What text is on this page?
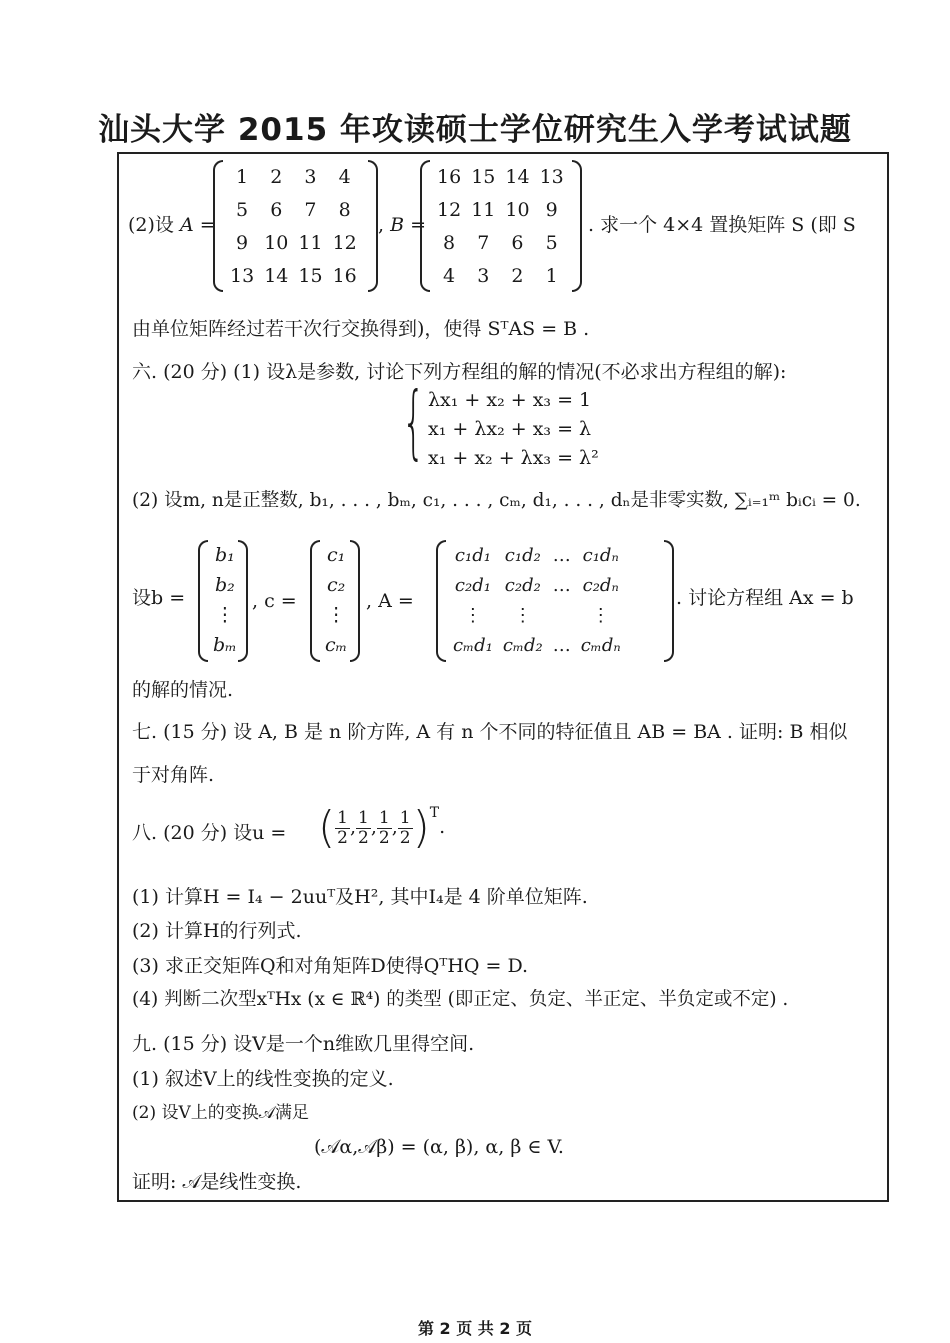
汕头大学 2015 年攻读硕士学位研究生入学考试试题
(2)设 A =
1	2	3	4
5	6	7	8
9	10	11	12
13	14	15	16
, B =
16	15	14	13
12	11	10	9
8	7	6	5
4	3	2	1
. 求一个 4×4 置换矩阵 S (即 S
由单位矩阵经过若干次行交换得到)，使得 SᵀAS = B .
六. (20 分) (1) 设λ是参数, 讨论下列方程组的解的情况(不必求出方程组的解):
{ λx₁ + x₂ + x₃ = 1
x₁ + λx₂ + x₃ = λ
x₁ + x₂ + λx₃ = λ²
(2) 设m, n是正整数, b₁, . . . , bₘ, c₁, . . . , cₘ, d₁, . . . , dₙ是非零实数, ∑ᵢ₌₁ᵐ bᵢcᵢ = 0.
设b =
b₁
b₂
⋮
bₘ
, c =
c₁
c₂
⋮
cₘ
, A =
c₁d₁	c₁d₂	…	c₁dₙ
c₂d₁	c₂d₂	…	c₂dₙ
⋮	⋮		⋮
cₘd₁	cₘd₂	…	cₘdₙ
. 讨论方程组 Ax = b
的解的情况.
七. (15 分) 设 A, B 是 n 阶方阵, A 有 n 个不同的特征值且 AB = BA . 证明: B 相似
于对角阵.
八. (20 分) 设u = ( $\frac{1}{2}$ , $\frac{1}{2}$ , $\frac{1}{2}$ , $\frac{1}{2} )^T$.
(1) 计算H = I₄ − 2uuᵀ及H², 其中I₄是 4 阶单位矩阵.
(2) 计算H的行列式.
(3) 求正交矩阵Q和对角矩阵D使得QᵀHQ = D.
(4) 判断二次型xᵀHx (x ∈ ℝ⁴) 的类型 (即正定、负定、半正定、半负定或不定) .
九. (15 分) 设V是一个n维欧几里得空间.
(1) 叙述V上的线性变换的定义.
(2) 设V上的变换𝒜满足
(𝒜α,𝒜β) = (α, β), α, β ∈ V.
证明: 𝒜是线性变换.
第 2 页 共 2 页
